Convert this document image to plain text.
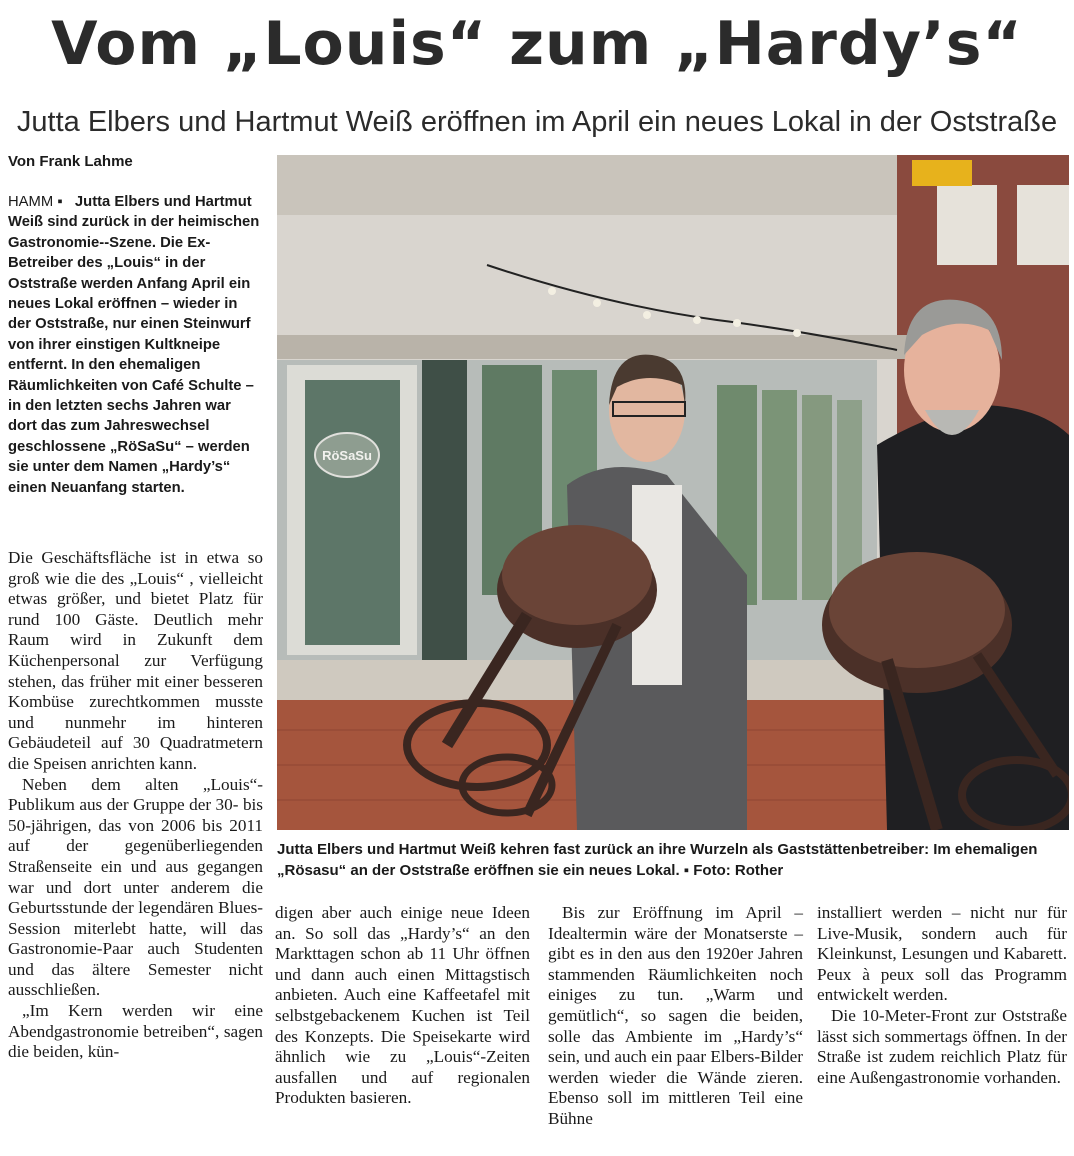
Vom „Louis“ zum „Hardy’s“
Jutta Elbers und Hartmut Weiß eröffnen im April ein neues Lokal in der Oststraße
Von Frank Lahme

HAMM ▪ Jutta Elbers und Hartmut Weiß sind zurück in der heimischen Gastronomie--Szene. Die Ex-Betreiber des „Louis“ in der Oststraße werden Anfang April ein neues Lokal eröffnen – wieder in der Oststraße, nur einen Steinwurf von ihrer einstigen Kultkneipe entfernt. In den ehemaligen Räumlichkeiten von Café Schulte – in den letzten sechs Jahren war dort das zum Jahreswechsel geschlossene „RöSaSu“ – werden sie unter dem Namen „Hardy’s“ einen Neuanfang starten.

Die Geschäftsfläche ist in etwa so groß wie die des „Louis“ , vielleicht etwas größer, und bietet Platz für rund 100 Gäste. Deutlich mehr Raum wird in Zukunft dem Küchenpersonal zur Verfügung stehen, das früher mit einer besseren Kombüse zurechtkommen musste und nunmehr im hinteren Gebäudeteil auf 30 Quadratmetern die Speisen anrichten kann.

Neben dem alten „Louis“-Publikum aus der Gruppe der 30- bis 50-jährigen, das von 2006 bis 2011 auf der gegenüberliegenden Straßenseite ein und aus gegangen war und dort unter anderem die Geburtsstunde der legendären Blues-Session miterlebt hatte, will das Gastronomie-Paar auch Studenten und das ältere Semester nicht ausschließen.

„Im Kern werden wir eine Abendgastronomie betreiben“, sagen die beiden, kün-

RöSaSu
Jutta Elbers und Hartmut Weiß kehren fast zurück an ihre Wurzeln als Gaststättenbetreiber: Im ehemaligen „Rösasu“ an der Oststraße eröffnen sie ein neues Lokal. ▪ Foto: Rother

digen aber auch einige neue Ideen an. So soll das „Hardy’s“ an den Markttagen schon ab 11 Uhr öffnen und dann auch einen Mittagstisch anbieten. Auch eine Kaffeetafel mit selbstgebackenem Kuchen ist Teil des Konzepts. Die Speisekarte wird ähnlich wie zu „Louis“-Zeiten ausfallen und auf regionalen Produkten basieren.

Bis zur Eröffnung im April – Idealtermin wäre der Monatserste – gibt es in den aus den 1920er Jahren stammenden Räumlichkeiten noch einiges zu tun. „Warm und gemütlich“, so sagen die beiden, solle das Ambiente im „Hardy’s“ sein, und auch ein paar Elbers-Bilder werden wieder die Wände zieren. Ebenso soll im mittleren Teil eine Bühne

installiert werden – nicht nur für Live-Musik, sondern auch für Kleinkunst, Lesungen und Kabarett. Peux à peux soll das Programm entwickelt werden.

Die 10-Meter-Front zur Oststraße lässt sich sommertags öffnen. In der Straße ist zudem reichlich Platz für eine Außengastronomie vorhanden.
